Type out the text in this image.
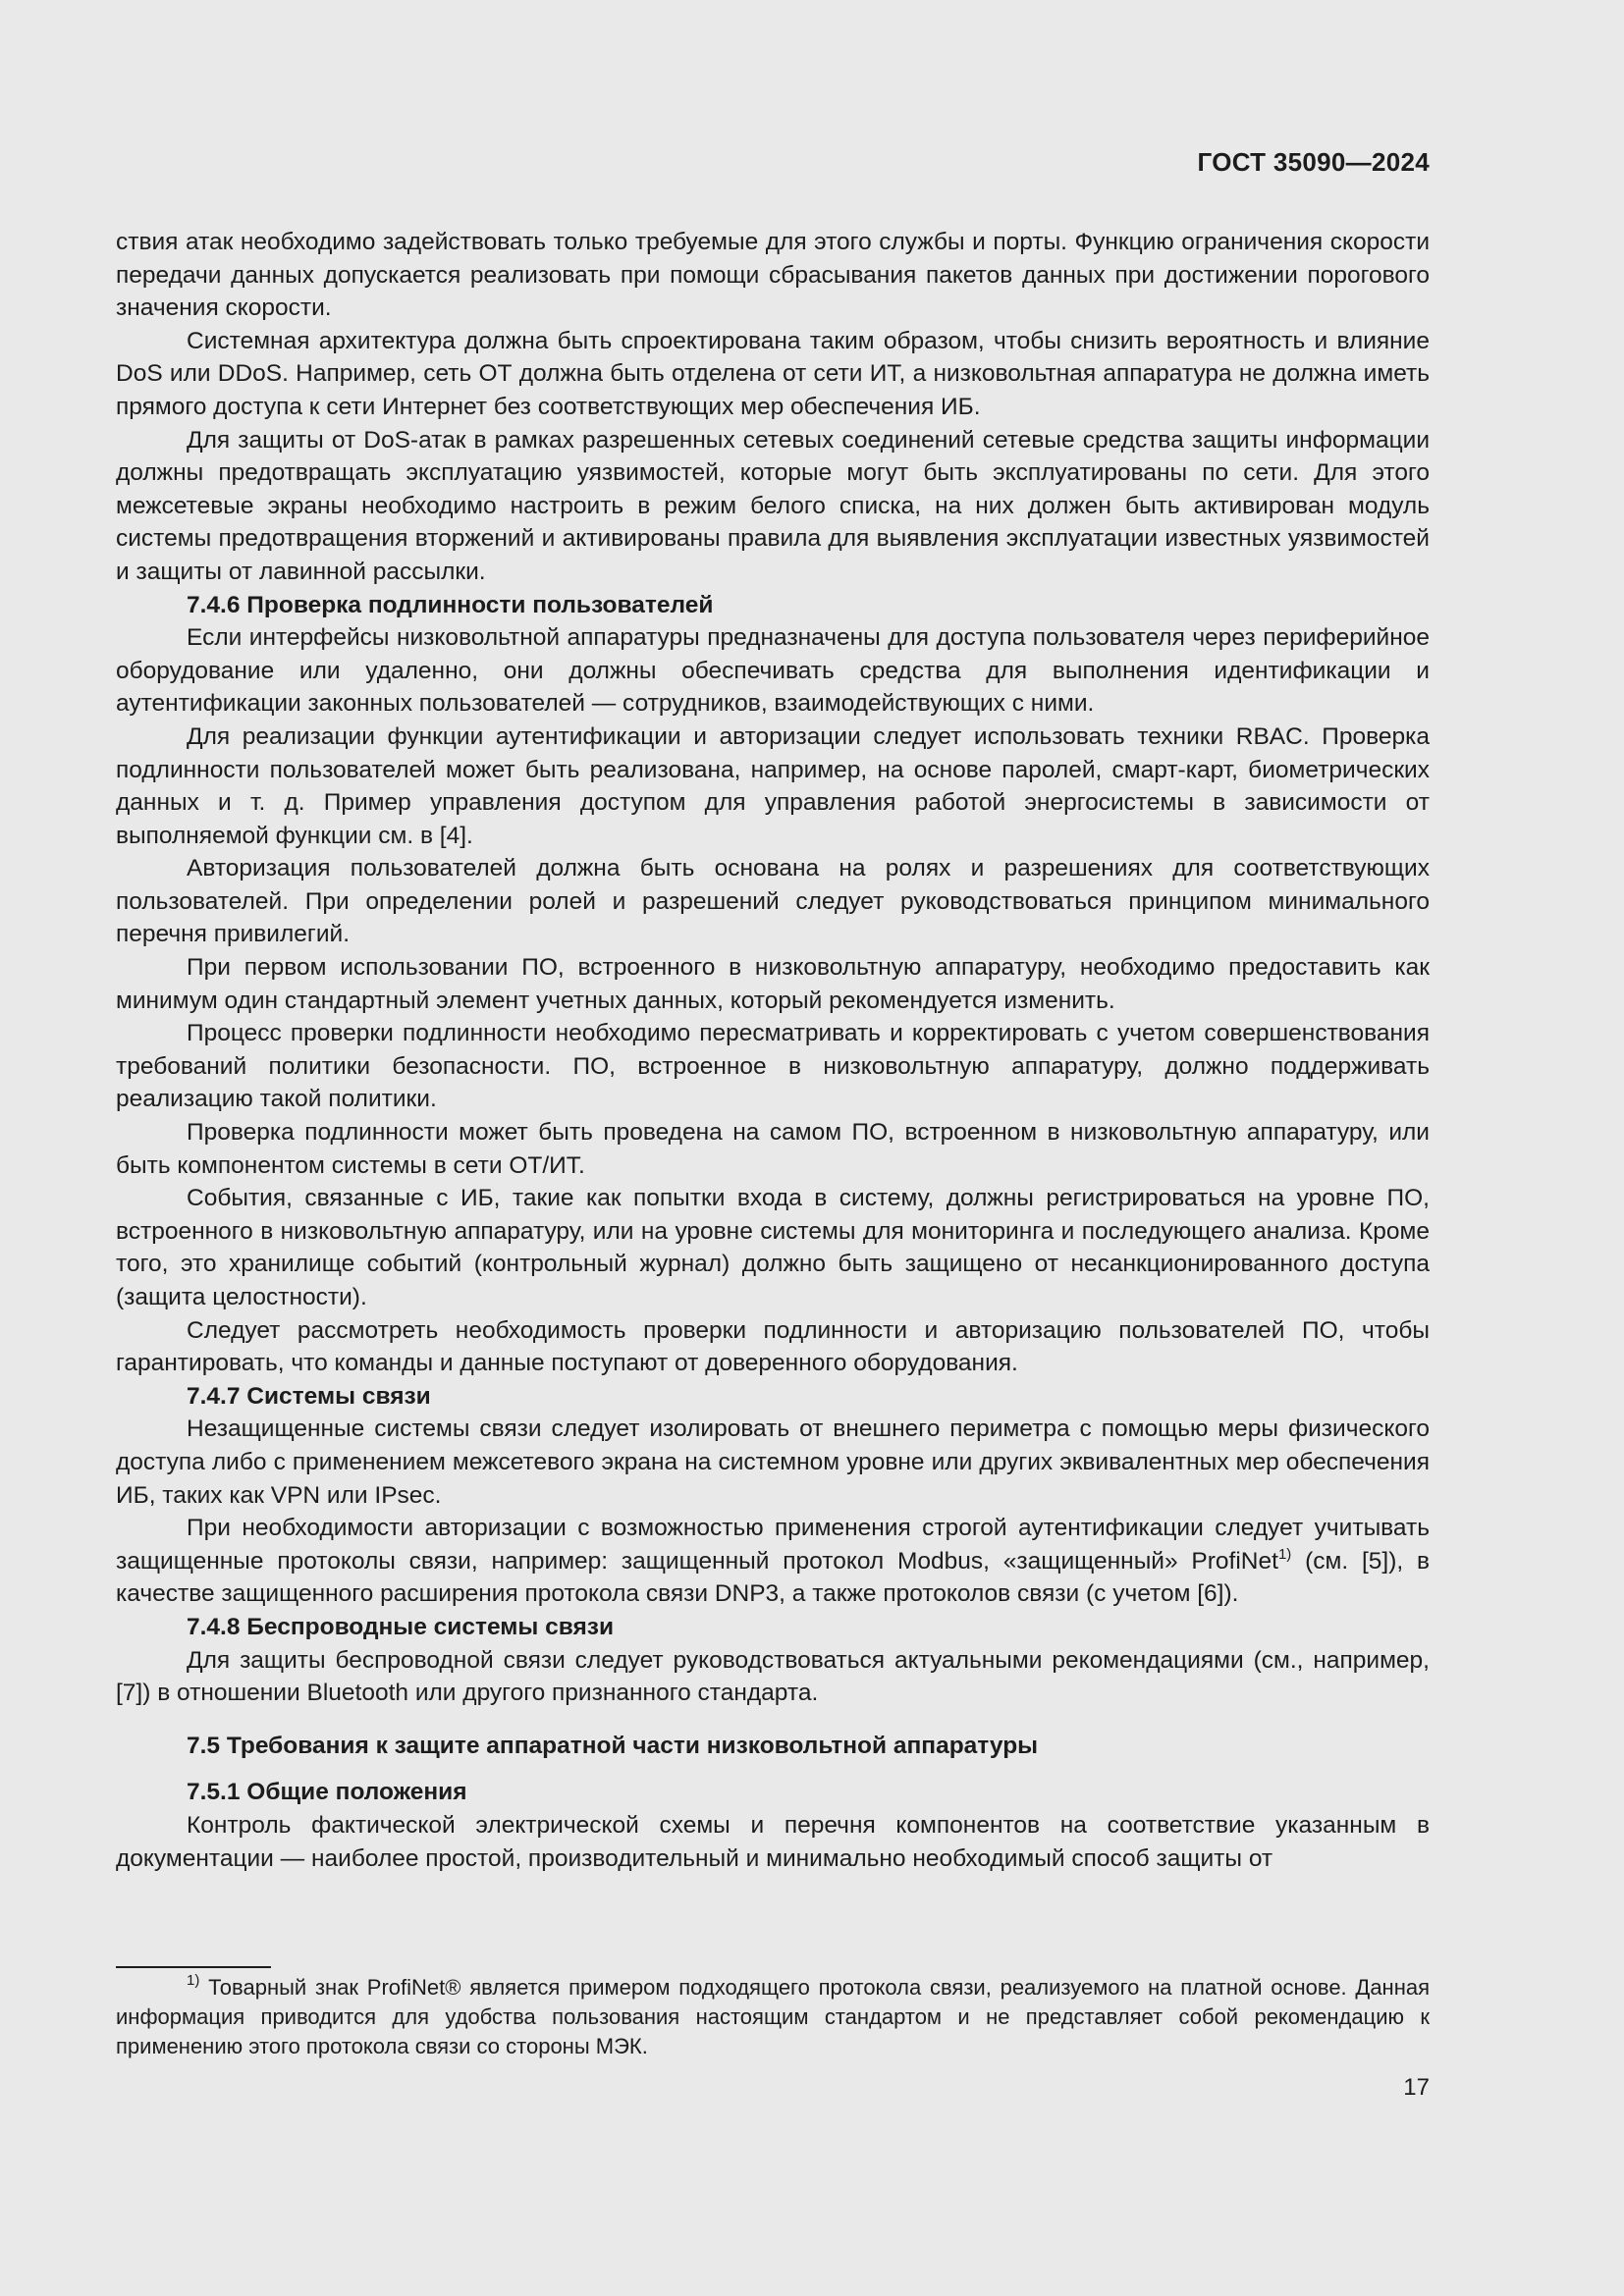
ГОСТ 35090—2024

ствия атак необходимо задействовать только требуемые для этого службы и порты. Функцию ограничения скорости передачи данных допускается реализовать при помощи сбрасывания пакетов данных при достижении порогового значения скорости.

Системная архитектура должна быть спроектирована таким образом, чтобы снизить вероятность и влияние DoS или DDoS. Например, сеть ОТ должна быть отделена от сети ИТ, а низковольтная аппаратура не должна иметь прямого доступа к сети Интернет без соответствующих мер обеспечения ИБ.

Для защиты от DoS-атак в рамках разрешенных сетевых соединений сетевые средства защиты информации должны предотвращать эксплуатацию уязвимостей, которые могут быть эксплуатированы по сети. Для этого межсетевые экраны необходимо настроить в режим белого списка, на них должен быть активирован модуль системы предотвращения вторжений и активированы правила для выявления эксплуатации известных уязвимостей и защиты от лавинной рассылки.

7.4.6 Проверка подлинности пользователей

Если интерфейсы низковольтной аппаратуры предназначены для доступа пользователя через периферийное оборудование или удаленно, они должны обеспечивать средства для выполнения идентификации и аутентификации законных пользователей — сотрудников, взаимодействующих с ними.

Для реализации функции аутентификации и авторизации следует использовать техники RBAC. Проверка подлинности пользователей может быть реализована, например, на основе паролей, смарт-карт, биометрических данных и т. д. Пример управления доступом для управления работой энергосистемы в зависимости от выполняемой функции см. в [4].

Авторизация пользователей должна быть основана на ролях и разрешениях для соответствующих пользователей. При определении ролей и разрешений следует руководствоваться принципом минимального перечня привилегий.

При первом использовании ПО, встроенного в низковольтную аппаратуру, необходимо предоставить как минимум один стандартный элемент учетных данных, который рекомендуется изменить.

Процесс проверки подлинности необходимо пересматривать и корректировать с учетом совершенствования требований политики безопасности. ПО, встроенное в низковольтную аппаратуру, должно поддерживать реализацию такой политики.

Проверка подлинности может быть проведена на самом ПО, встроенном в низковольтную аппаратуру, или быть компонентом системы в сети ОТ/ИТ.

События, связанные с ИБ, такие как попытки входа в систему, должны регистрироваться на уровне ПО, встроенного в низковольтную аппаратуру, или на уровне системы для мониторинга и последующего анализа. Кроме того, это хранилище событий (контрольный журнал) должно быть защищено от несанкционированного доступа (защита целостности).

Следует рассмотреть необходимость проверки подлинности и авторизацию пользователей ПО, чтобы гарантировать, что команды и данные поступают от доверенного оборудования.

7.4.7 Системы связи

Незащищенные системы связи следует изолировать от внешнего периметра с помощью меры физического доступа либо с применением межсетевого экрана на системном уровне или других эквивалентных мер обеспечения ИБ, таких как VPN или IPsec.

При необходимости авторизации с возможностью применения строгой аутентификации следует учитывать защищенные протоколы связи, например: защищенный протокол Modbus, «защищенный» ProfiNet$^{1)}$ (см. [5]), в качестве защищенного расширения протокола связи DNP3, а также протоколов связи (с учетом [6]).

7.4.8 Беспроводные системы связи

Для защиты беспроводной связи следует руководствоваться актуальными рекомендациями (см., например, [7]) в отношении Bluetooth или другого признанного стандарта.

7.5 Требования к защите аппаратной части низковольтной аппаратуры
7.5.1 Общие положения

Контроль фактической электрической схемы и перечня компонентов на соответствие указанным в документации — наиболее простой, производительный и минимально необходимый способ защиты от

$^{1)}$ Товарный знак ProfiNet® является примером подходящего протокола связи, реализуемого на платной основе. Данная информация приводится для удобства пользования настоящим стандартом и не представляет собой рекомендацию к применению этого протокола связи со стороны МЭК.

17
